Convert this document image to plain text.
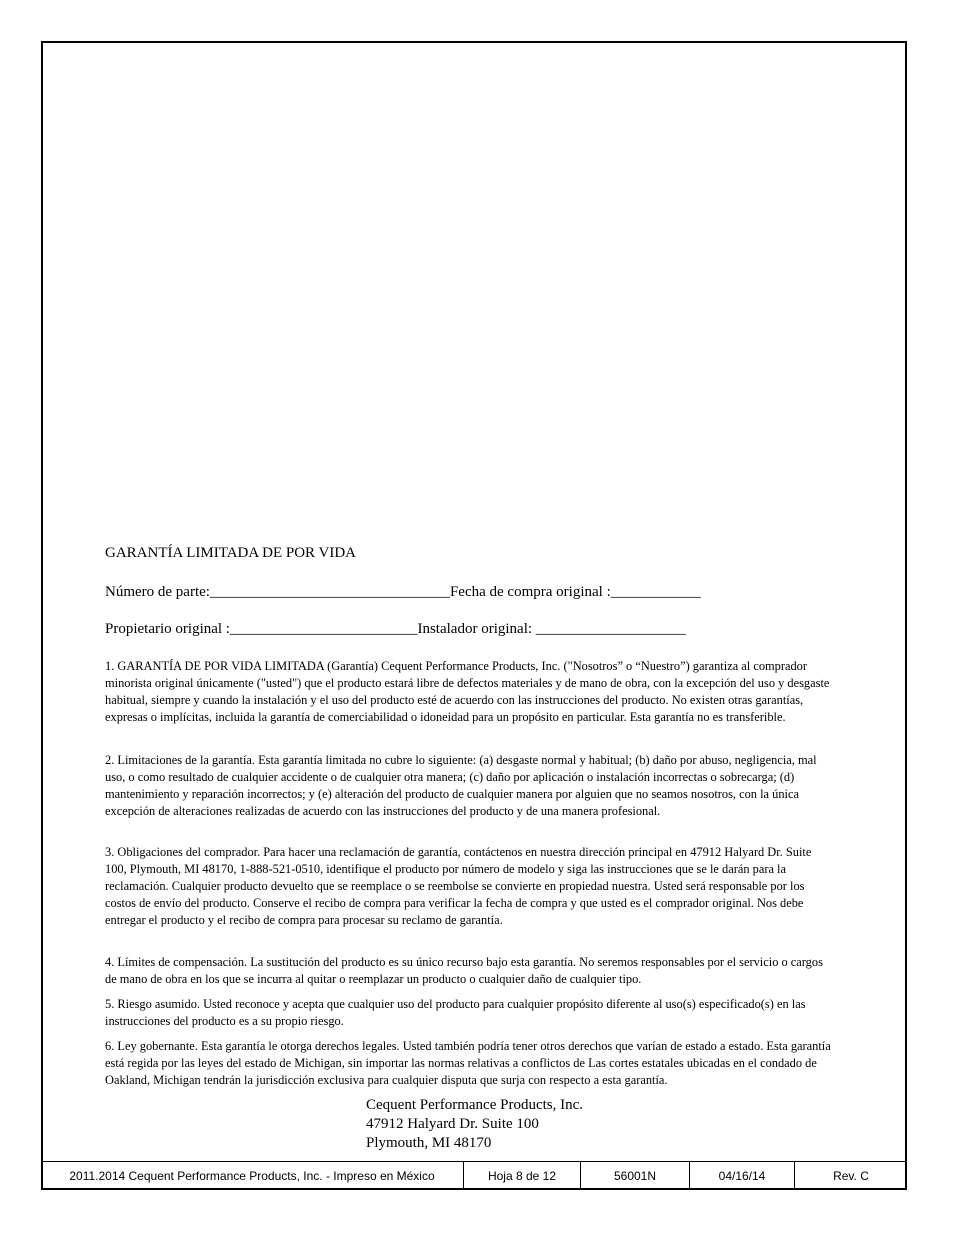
GARANTÍA LIMITADA DE POR VIDA
Número de parte:________________________________Fecha de compra original :____________
Propietario original :_________________________Instalador original: ____________________

1. GARANTÍA DE POR VIDA LIMITADA (Garantía) Cequent Performance Products, Inc. ("Nosotros” o “Nuestro”) garantiza al comprador minorista original únicamente ("usted") que el producto estará libre de defectos materiales y de mano de obra, con la excepción del uso y desgaste habitual, siempre y cuando la instalación y el uso del producto esté de acuerdo con las instrucciones del producto. No existen otras garantías, expresas o implícitas, incluida la garantía de comerciabilidad o idoneidad para un propósito en particular. Esta garantía no es transferible.

2. Limitaciones de la garantía. Esta garantía limitada no cubre lo siguiente: (a) desgaste normal y habitual; (b) daño por abuso, negligencia, mal uso, o como resultado de cualquier accidente o de cualquier otra manera; (c) daño por aplicación o instalación incorrectas o sobrecarga; (d) mantenimiento y reparación incorrectos; y (e) alteración del producto de cualquier manera por alguien que no seamos nosotros, con la única excepción de alteraciones realizadas de acuerdo con las instrucciones del producto y de una manera profesional.

3. Obligaciones del comprador. Para hacer una reclamación de garantía, contáctenos en nuestra dirección principal en 47912 Halyard Dr. Suite 100, Plymouth, MI 48170, 1-888-521-0510, identifique el producto por número de modelo y siga las instrucciones que se le darán para la reclamación. Cualquier producto devuelto que se reemplace o se reembolse se convierte en propiedad nuestra. Usted será responsable por los costos de envío del producto. Conserve el recibo de compra para verificar la fecha de compra y que usted es el comprador original. Nos debe entregar el producto y el recibo de compra para procesar su reclamo de garantía.

4. Límites de compensación. La sustitución del producto es su único recurso bajo esta garantía. No seremos responsables por el servicio o cargos de mano de obra en los que se incurra al quitar o reemplazar un producto o cualquier daño de cualquier tipo.

5. Riesgo asumido. Usted reconoce y acepta que cualquier uso del producto para cualquier propósito diferente al uso(s) especificado(s) en las instrucciones del producto es a su propio riesgo.

6. Ley gobernante. Esta garantía le otorga derechos legales. Usted también podría tener otros derechos que varían de estado a estado. Esta garantía está regida por las leyes del estado de Michigan, sin importar las normas relativas a conflictos de Las cortes estatales ubicadas en el condado de Oakland, Michigan tendrán la jurisdicción exclusiva para cualquier disputa que surja con respecto a esta garantía.

Cequent Performance Products, Inc.
47912 Halyard Dr. Suite 100
Plymouth, MI 48170
2011.2014 Cequent Performance Products, Inc. - Impreso en México	Hoja 8 de 12	56001N	04/16/14	Rev. C
